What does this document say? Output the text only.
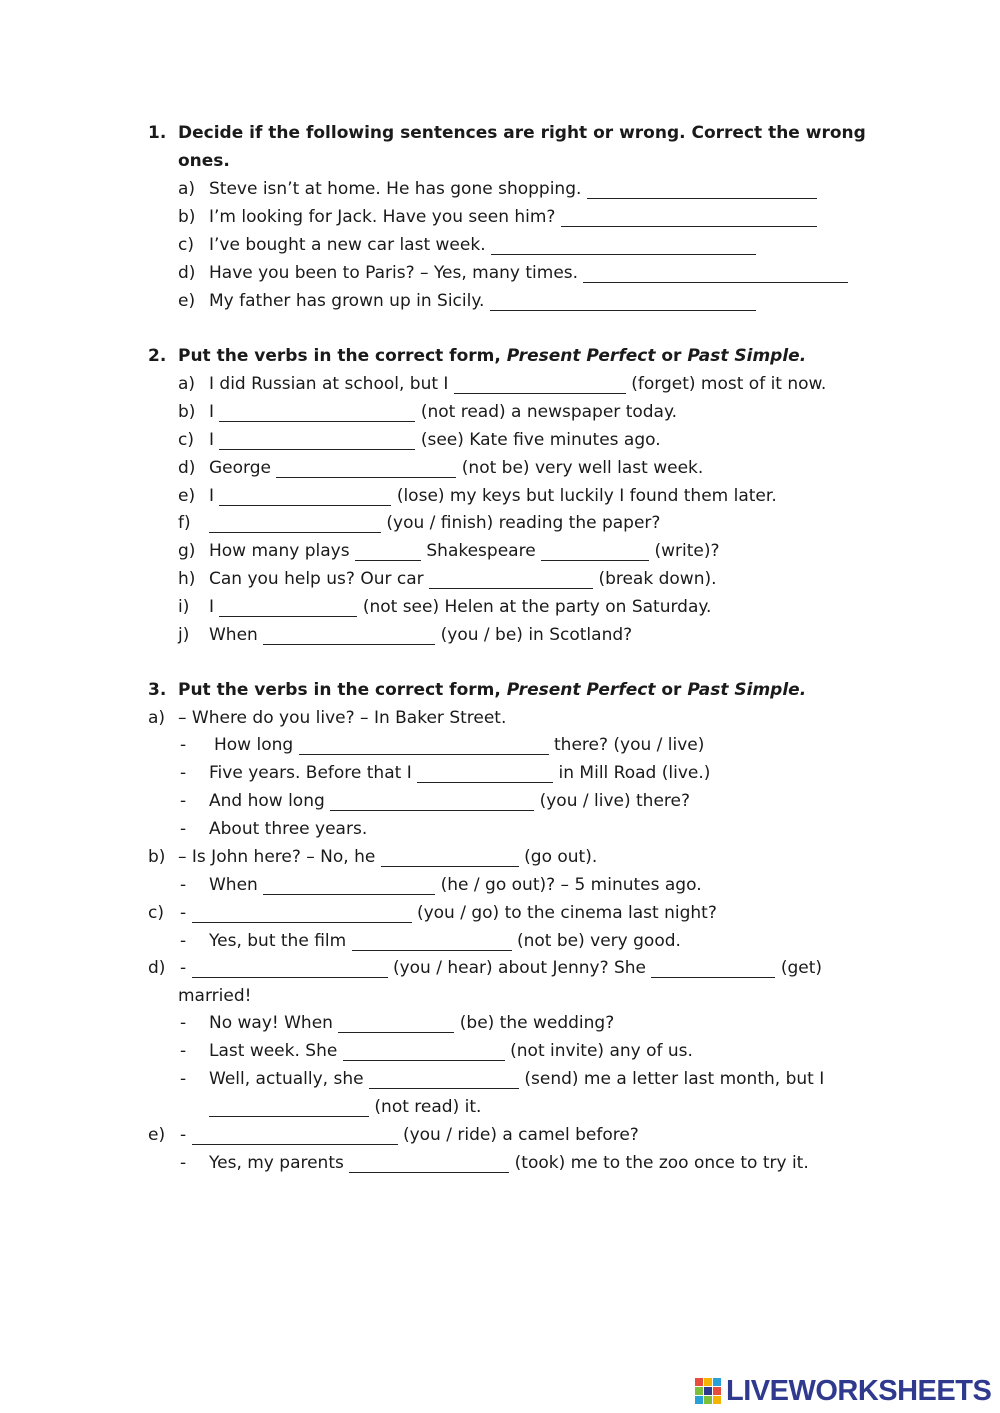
1. Decide if the following sentences are right or wrong. Correct the wrong
ones.
a) Steve isn’t at home. He has gone shopping.
b) I’m looking for Jack. Have you seen him?
c) I’ve bought a new car last week.
d) Have you been to Paris? – Yes, many times.
e) My father has grown up in Sicily.
2. Put the verbs in the correct form, Present Perfect or Past Simple.
a) I did Russian at school, but I	(forget) most of it now.
b) I	(not read) a newspaper today.
c) I	(see) Kate five minutes ago.
d) George	(not be) very well last week.
e) I	(lose) my keys but luckily I found them later.
f)	(you / finish) reading the paper?
g) How many plays	Shakespeare	(write)?
h) Can you help us? Our car	(break down).
i) I	(not see) Helen at the party on Saturday.
j) When	(you / be) in Scotland?
3. Put the verbs in the correct form, Present Perfect or Past Simple.
a) – Where do you live? – In Baker Street.
- How long	there? (you / live)
- Five years. Before that I	in Mill Road (live.)
- And how long	(you / live) there?
- About three years.
b) – Is John here? – No, he	(go out).
- When	(he / go out)? – 5 minutes ago.
c) -	(you / go) to the cinema last night?
- Yes, but the film	(not be) very good.
d) -	(you / hear) about Jenny? She	(get)
married!
- No way! When	(be) the wedding?
- Last week. She	(not invite) any of us.
- Well, actually, she	(send) me a letter last month, but I
(not read) it.
e) -	(you / ride) a camel before?
- Yes, my parents	(took) me to the zoo once to try it.
LIVEWORKSHEETS
